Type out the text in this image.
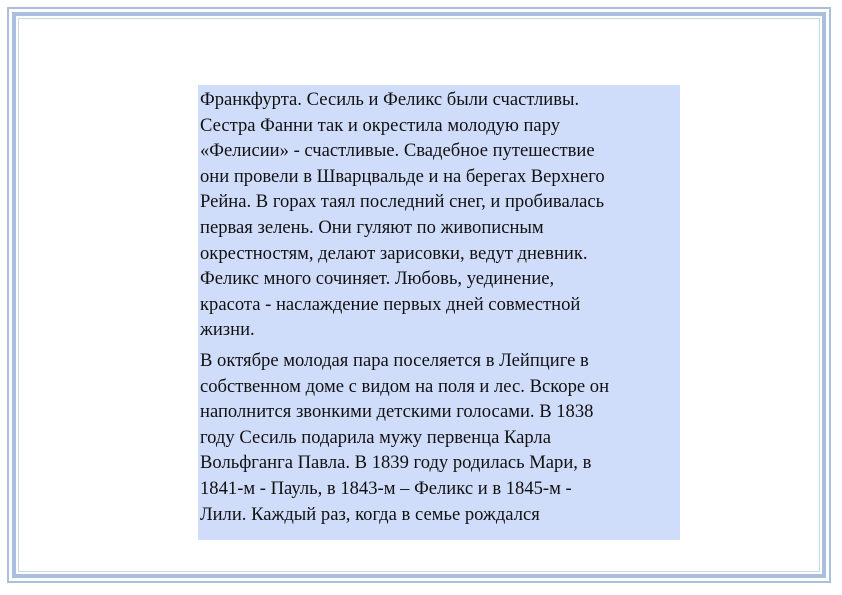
Франкфурта. Сесиль и Феликс были счастливы.
Сестра Фанни так и окрестила молодую пару
«Фелисии» - счастливые. Свадебное путешествие
они провели в Шварцвальде и на берегах Верхнего
Рейна. В горах таял последний снег, и пробивалась
первая зелень. Они гуляют по живописным
окрестностям, делают зарисовки, ведут дневник.
Феликс много сочиняет. Любовь, уединение,
красота - наслаждение первых дней совместной
жизни.

В октябре молодая пара поселяется в Лейпциге в
собственном доме с видом на поля и лес. Вскоре он
наполнится звонкими детскими голосами. В 1838
году Сесиль подарила мужу первенца Карла
Вольфганга Павла. В 1839 году родилась Мари, в
1841-м - Пауль, в 1843-м – Феликс и в 1845-м -
Лили. Каждый раз, когда в семье рождался
